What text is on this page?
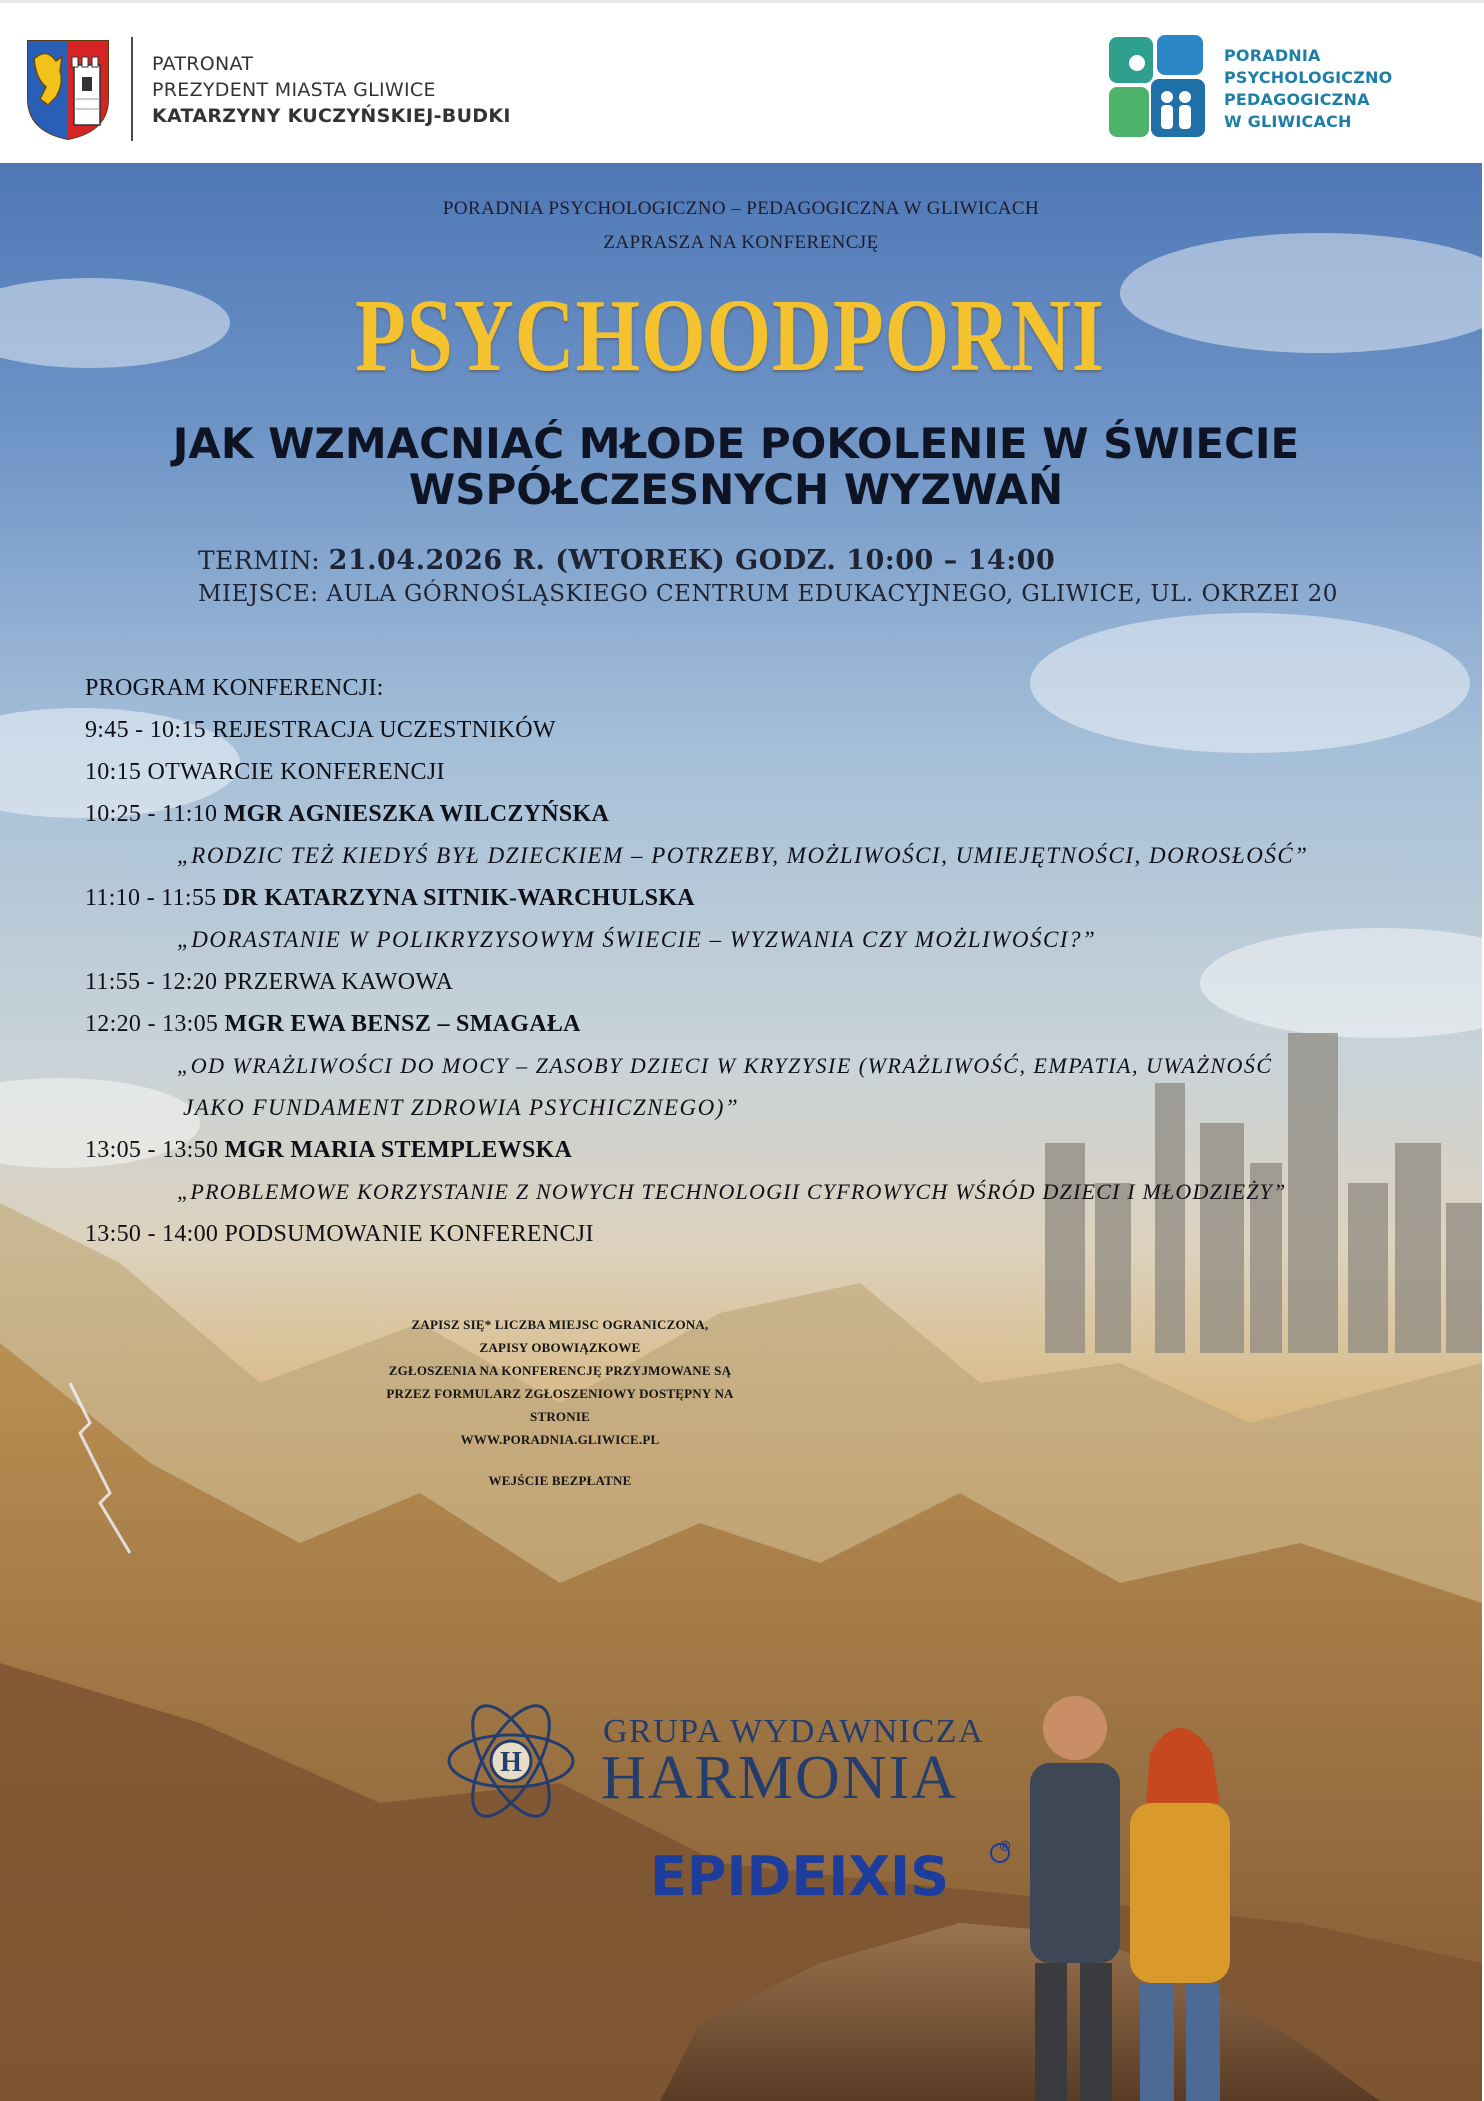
PATRONAT
PREZYDENT MIASTA GLIWICE
KATARZYNY KUCZYŃSKIEJ-BUDKI
PORADNIA
PSYCHOLOGICZNO
PEDAGOGICZNA
W GLIWICACH
PORADNIA PSYCHOLOGICZNO – PEDAGOGICZNA W GLIWICACH
ZAPRASZA NA KONFERENCJĘ
PSYCHOODPORNI
JAK WZMACNIAĆ MŁODE POKOLENIE W ŚWIECIE
WSPÓŁCZESNYCH WYZWAŃ
TERMIN: 21.04.2026 R. (WTOREK) GODZ. 10:00 – 14:00
MIEJSCE: AULA GÓRNOŚLĄSKIEGO CENTRUM EDUKACYJNEGO, GLIWICE, UL. OKRZEI 20
PROGRAM KONFERENCJI:
9:45 - 10:15 REJESTRACJA UCZESTNIKÓW
10:15 OTWARCIE KONFERENCJI
10:25 - 11:10 MGR AGNIESZKA WILCZYŃSKA
„RODZIC TEŻ KIEDYŚ BYŁ DZIECKIEM – POTRZEBY, MOŻLIWOŚCI, UMIEJĘTNOŚCI, DOROSŁOŚĆ”
11:10 - 11:55 DR KATARZYNA SITNIK-WARCHULSKA
„DORASTANIE W POLIKRYZYSOWYM ŚWIECIE – WYZWANIA CZY MOŻLIWOŚCI?”
11:55 - 12:20 PRZERWA KAWOWA
12:20 - 13:05 MGR EWA BENSZ – SMAGAŁA
„OD WRAŻLIWOŚCI DO MOCY – ZASOBY DZIECI W KRYZYSIE (WRAŻLIWOŚĆ, EMPATIA, UWAŻNOŚĆ
JAKO FUNDAMENT ZDROWIA PSYCHICZNEGO)”
13:05 - 13:50 MGR MARIA STEMPLEWSKA
„PROBLEMOWE KORZYSTANIE Z NOWYCH TECHNOLOGII CYFROWYCH WŚRÓD DZIECI I MŁODZIEŻY”
13:50 - 14:00 PODSUMOWANIE KONFERENCJI
ZAPISZ SIĘ* LICZBA MIEJSC OGRANICZONA,
ZAPISY OBOWIĄZKOWE
ZGŁOSZENIA NA KONFERENCJĘ PRZYJMOWANE SĄ
PRZEZ FORMULARZ ZGŁOSZENIOWY DOSTĘPNY NA STRONIE
WWW.PORADNIA.GLIWICE.PL
WEJŚCIE BEZPŁATNE
H
GRUPA WYDAWNICZA
HARMONIA
EPIDEIXIS	®
